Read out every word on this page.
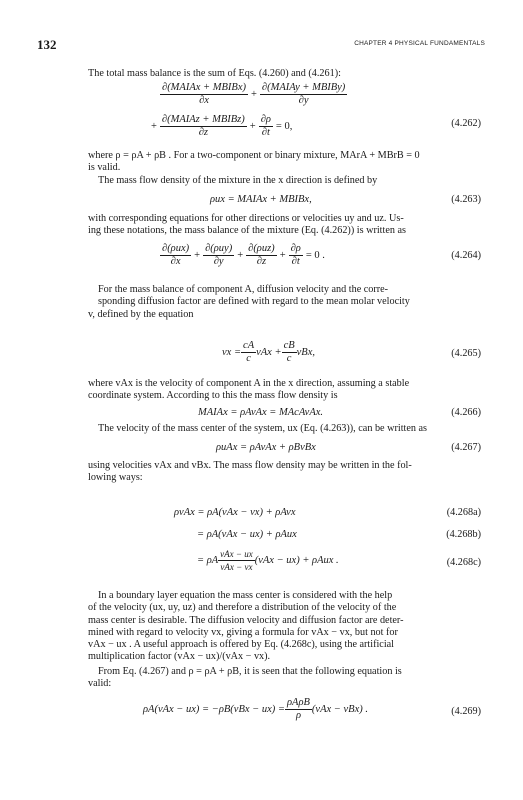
132	CHAPTER 4 PHYSICAL FUNDAMENTALS
The total mass balance is the sum of Eqs. (4.260) and (4.261):
$\frac{\text{∂(MAIAx + MBIBx)}}{\partial x} + \frac{\text{∂(MAIAy + MBIBy)}}{\partial y}$
+ $\frac{\text{∂(MAIAz + MBIBz)}}{\partial z} + \frac{\partial\rho}{\partial t} = 0$,	(4.262)
where ρ = ρA + ρB . For a two-component or binary mixture, MArA + MBrB = 0
is valid.
The mass flow density of the mixture in the x direction is defined by
ρux = MAIAx + MBIBx,	(4.263)
with corresponding equations for other directions or velocities uy and uz. Us-
ing these notations, the mass balance of the mixture (Eq. (4.262)) is written as
$\frac{\text{∂(ρux)}}{\partial x} + \frac{\text{∂(ρuy)}}{\partial y} + \frac{\text{∂(ρuz)}}{\partial z} + \frac{\partial\rho}{\partial t} = 0$ .	(4.264)
For the mass balance of component A, diffusion velocity and the corre-
sponding diffusion factor are defined with regard to the mean molar velocity
v, defined by the equation
vx = $\frac{cA}{c}$ vAx + $\frac{cB}{c}$ vBx,	(4.265)
where vAx is the velocity of component A in the x direction, assuming a stable
coordinate system. According to this the mass flow density is
MAIAx = ρAvAx = MAcAvAx.	(4.266)
The velocity of the mass center of the system, ux (Eq. (4.263)), can be written as
ρuAx = ρAvAx + ρBvBx	(4.267)
using velocities vAx and vBx. The mass flow density may be written in the fol-
lowing ways:
ρvAx = ρA(vAx − vx) + ρAvx	(4.268a)
= ρA(vAx − ux) + ρAux	(4.268b)
= ρA $\frac{\text{vAx − ux}}{\text{vAx − vx}} (vAx - ux) + \rho Aux$ .	(4.268c)
In a boundary layer equation the mass center is considered with the help
of the velocity (ux, uy, uz) and therefore a distribution of the velocity of the
mass center is desirable. The diffusion velocity and diffusion factor are deter-
mined with regard to velocity vx, giving a formula for vAx − vx, but not for
vAx − ux . A useful approach is offered by Eq. (4.268c), using the artificial
multiplication factor (vAx − ux)/(vAx − vx).
From Eq. (4.267) and ρ = ρA + ρB, it is seen that the following equation is
valid:
$\rho A(vAx - ux) = -\rho B(vBx - ux) = \frac{\text{ρAρB}}{\rho} (vAx - vBx)$ .	(4.269)
